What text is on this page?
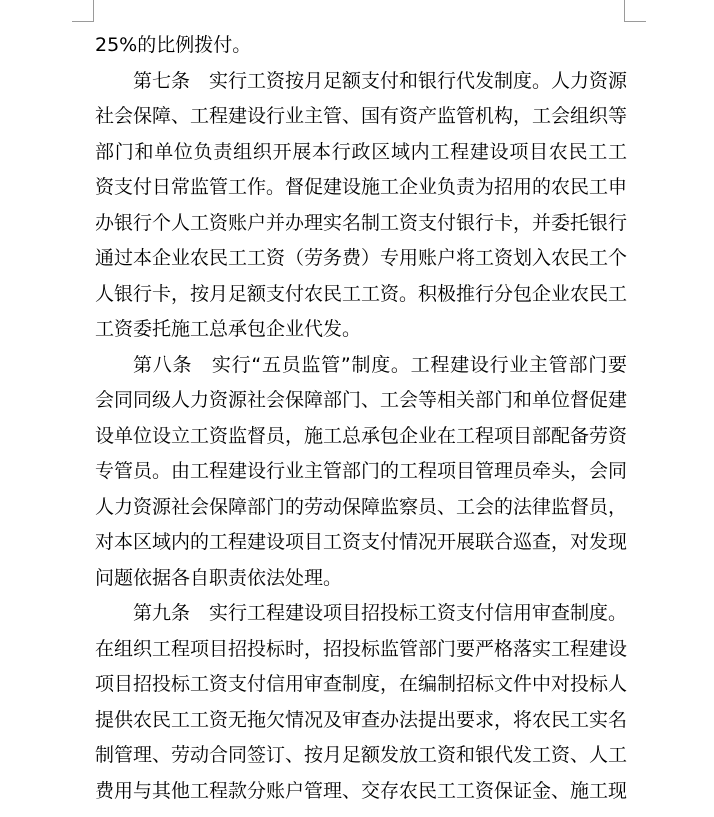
25%的比例拨付。
第七条　实行工资按月足额支付和银行代发制度。人力资源
社会保障、工程建设行业主管、国有资产监管机构，工会组织等
部门和单位负责组织开展本行政区域内工程建设项目农民工工
资支付日常监管工作。督促建设施工企业负责为招用的农民工申
办银行个人工资账户并办理实名制工资支付银行卡，并委托银行
通过本企业农民工工资（劳务费）专用账户将工资划入农民工个
人银行卡，按月足额支付农民工工资。积极推行分包企业农民工
工资委托施工总承包企业代发。
第八条　实行“五员监管”制度。工程建设行业主管部门要
会同同级人力资源社会保障部门、工会等相关部门和单位督促建
设单位设立工资监督员，施工总承包企业在工程项目部配备劳资
专管员。由工程建设行业主管部门的工程项目管理员牵头，会同
人力资源社会保障部门的劳动保障监察员、工会的法律监督员，
对本区域内的工程建设项目工资支付情况开展联合巡查，对发现
问题依据各自职责依法处理。
第九条　实行工程建设项目招投标工资支付信用审查制度。
在组织工程项目招投标时，招投标监管部门要严格落实工程建设
项目招投标工资支付信用审查制度，在编制招标文件中对投标人
提供农民工工资无拖欠情况及审查办法提出要求，将农民工实名
制管理、劳动合同签订、按月足额发放工资和银代发工资、人工
费用与其他工程款分账户管理、交存农民工工资保证金、施工现
